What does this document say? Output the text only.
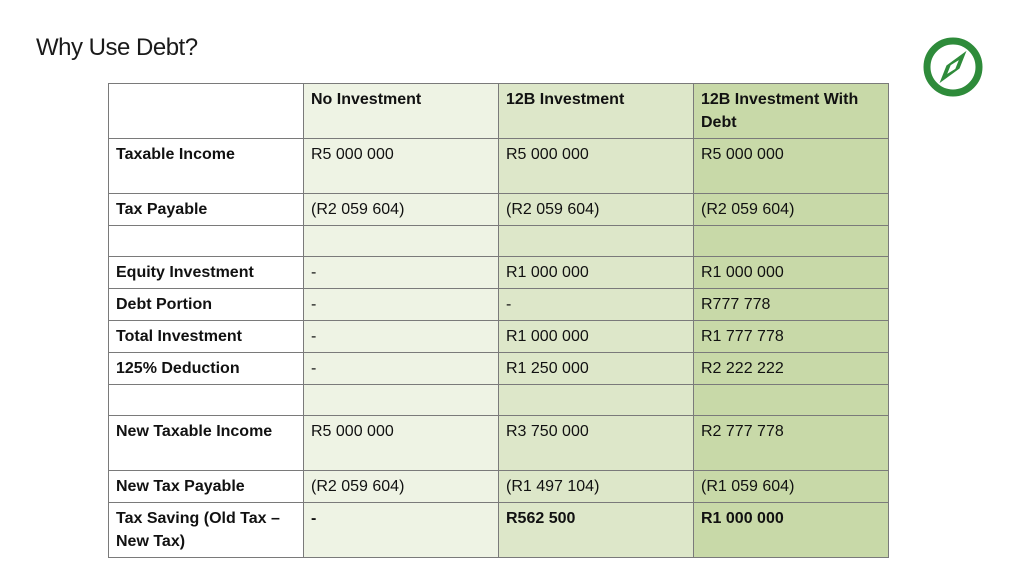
Why Use Debt?
	No Investment	12B Investment	12B Investment With Debt
Taxable Income	R5 000 000	R5 000 000	R5 000 000
Tax Payable	(R2 059 604)	(R2 059 604)	(R2 059 604)

Equity Investment	-	R1 000 000	R1 000 000
Debt Portion	-	-	R777 778
Total Investment	-	R1 000 000	R1 777 778
125% Deduction	-	R1 250 000	R2 222 222

New Taxable Income	R5 000 000	R3 750 000	R2 777 778
New Tax Payable	(R2 059 604)	(R1 497 104)	(R1 059 604)
Tax Saving (Old Tax – New Tax)	-	R562 500	R1 000 000
